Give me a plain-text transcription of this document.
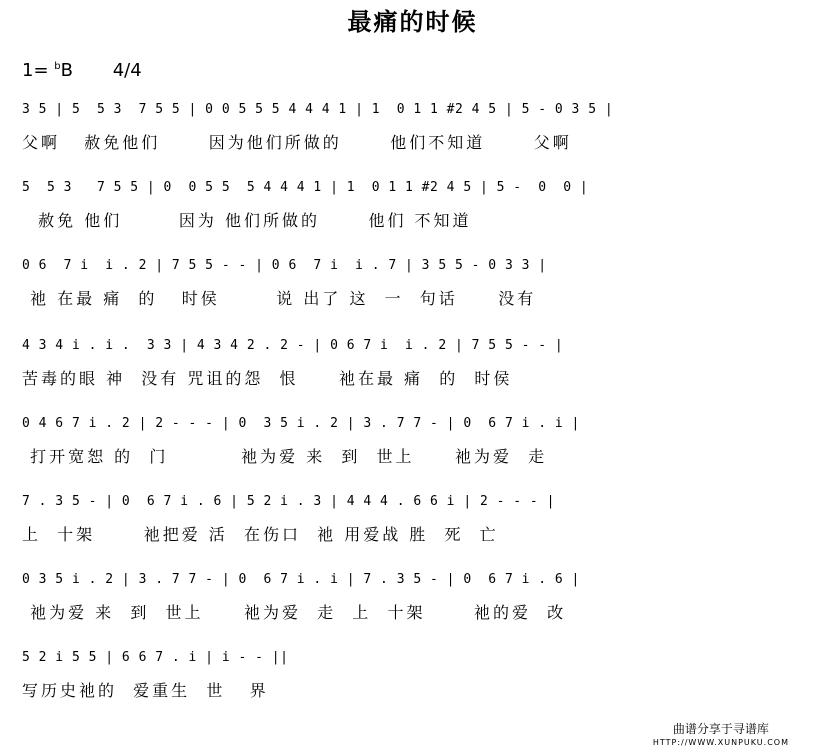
最痛的时候
1= $^b$B 4/4
3 5 | 5  5 3  7 5 5 | 0 0 5 5 5 4 4 4 1 | 1  0 1 1 #2 4 5 | 5 - 0 3 5 |
父啊   赦免他们      因为他们所做的      他们不知道      父啊
5  5 3   7 5 5 | 0  0 5 5  5 4 4 4 1 | 1  0 1 1 #2 4 5 | 5 -  0  0 |
赦免 他们       因为 他们所做的      他们 不知道
0 6  7 i  i . 2 | 7 5 5 - - | 0 6  7 i  i . 7 | 3 5 5 - 0 3 3 |
祂 在最 痛  的   时侯       说 出了 这  一  句话     没有
4 3 4 i . i .  3 3 | 4 3 4 2 . 2 - | 0 6 7 i  i . 2 | 7 5 5 - - |
苦毒的眼 神  没有 咒诅的怨  恨     祂在最 痛  的  时侯
0 4 6 7 i . 2 | 2 - - - | 0  3 5 i . 2 | 3 . 7 7 - | 0  6 7 i . i |
打开宽恕 的  门         祂为爱 来  到  世上     祂为爱  走
7 . 3 5 - | 0  6 7 i . 6 | 5 2 i . 3 | 4 4 4 . 6 6 i | 2 - - - |
上  十架      祂把爱 活  在伤口  祂 用爱战 胜  死  亡
0 3 5 i . 2 | 3 . 7 7 - | 0  6 7 i . i | 7 . 3 5 - | 0  6 7 i . 6 |
祂为爱 来  到  世上     祂为爱  走  上  十架      祂的爱  改
5 2 i 5 5 | 6 6 7 . i | i - - ||
写历史祂的  爱重生  世   界
曲谱分享于寻谱库
HTTP://WWW.XUNPUKU.COM
